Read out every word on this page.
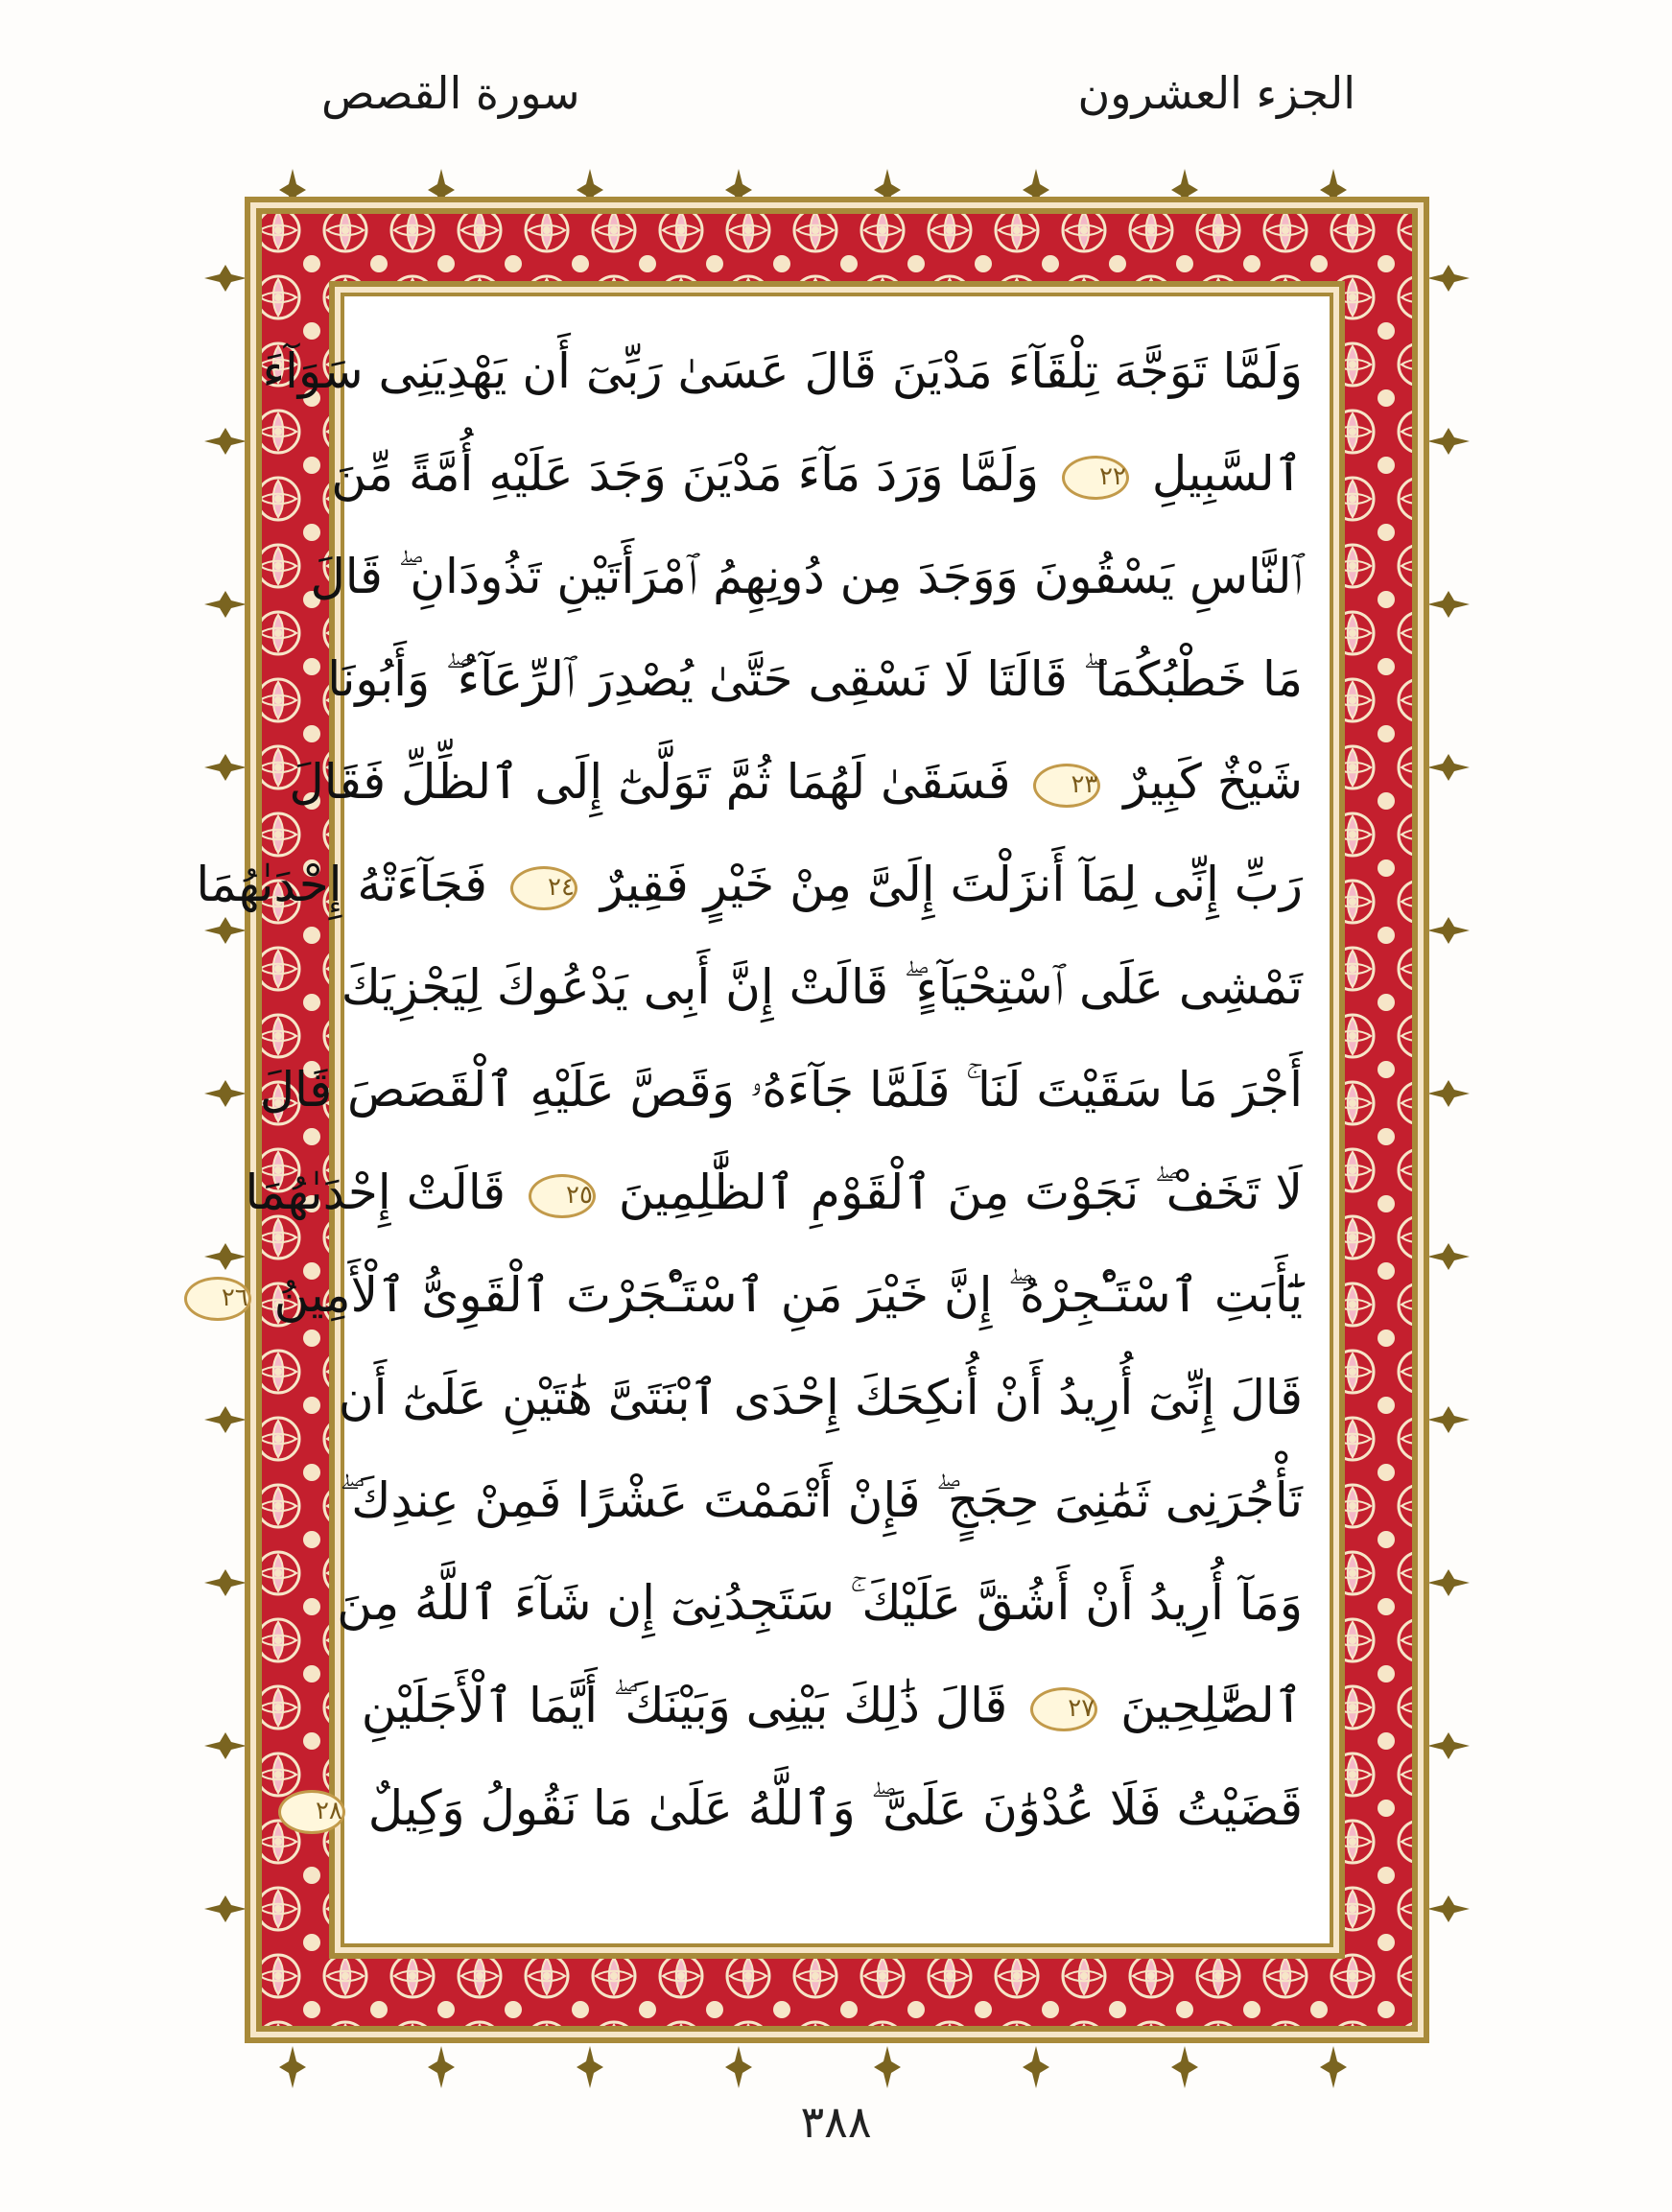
الجزء العشرون
سورة القصص
وَلَمَّا تَوَجَّهَ تِلْقَآءَ مَدْيَنَ قَالَ عَسَىٰ رَبِّىٓ أَن يَهْدِيَنِى سَوَآءَ
ٱلسَّبِيلِ ٢٢ وَلَمَّا وَرَدَ مَآءَ مَدْيَنَ وَجَدَ عَلَيْهِ أُمَّةً مِّنَ
ٱلنَّاسِ يَسْقُونَ وَوَجَدَ مِن دُونِهِمُ ٱمْرَأَتَيْنِ تَذُودَانِ ۖ قَالَ
مَا خَطْبُكُمَا ۖ قَالَتَا لَا نَسْقِى حَتَّىٰ يُصْدِرَ ٱلرِّعَآءُ ۖ وَأَبُونَا
شَيْخٌ كَبِيرٌ ٢٣ فَسَقَىٰ لَهُمَا ثُمَّ تَوَلَّىٰٓ إِلَى ٱلظِّلِّ فَقَالَ
رَبِّ إِنِّى لِمَآ أَنزَلْتَ إِلَىَّ مِنْ خَيْرٍ فَقِيرٌ ٢٤ فَجَآءَتْهُ إِحْدَىٰهُمَا
تَمْشِى عَلَى ٱسْتِحْيَآءٍ ۖ قَالَتْ إِنَّ أَبِى يَدْعُوكَ لِيَجْزِيَكَ
أَجْرَ مَا سَقَيْتَ لَنَا ۚ فَلَمَّا جَآءَهُۥ وَقَصَّ عَلَيْهِ ٱلْقَصَصَ قَالَ
لَا تَخَفْ ۖ نَجَوْتَ مِنَ ٱلْقَوْمِ ٱلظَّٰلِمِينَ ٢٥ قَالَتْ إِحْدَىٰهُمَا
يَٰٓأَبَتِ ٱسْتَـْٔجِرْهُ ۖ إِنَّ خَيْرَ مَنِ ٱسْتَـْٔجَرْتَ ٱلْقَوِىُّ ٱلْأَمِينُ ٢٦
قَالَ إِنِّىٓ أُرِيدُ أَنْ أُنكِحَكَ إِحْدَى ٱبْنَتَىَّ هَٰتَيْنِ عَلَىٰٓ أَن
تَأْجُرَنِى ثَمَٰنِىَ حِجَجٍ ۖ فَإِنْ أَتْمَمْتَ عَشْرًا فَمِنْ عِندِكَ ۖ
وَمَآ أُرِيدُ أَنْ أَشُقَّ عَلَيْكَ ۚ سَتَجِدُنِىٓ إِن شَآءَ ٱللَّهُ مِنَ
ٱلصَّٰلِحِينَ ٢٧ قَالَ ذَٰلِكَ بَيْنِى وَبَيْنَكَ ۖ أَيَّمَا ٱلْأَجَلَيْنِ
قَضَيْتُ فَلَا عُدْوَٰنَ عَلَىَّ ۖ وَٱللَّهُ عَلَىٰ مَا نَقُولُ وَكِيلٌ ٢٨
٣٨٨
